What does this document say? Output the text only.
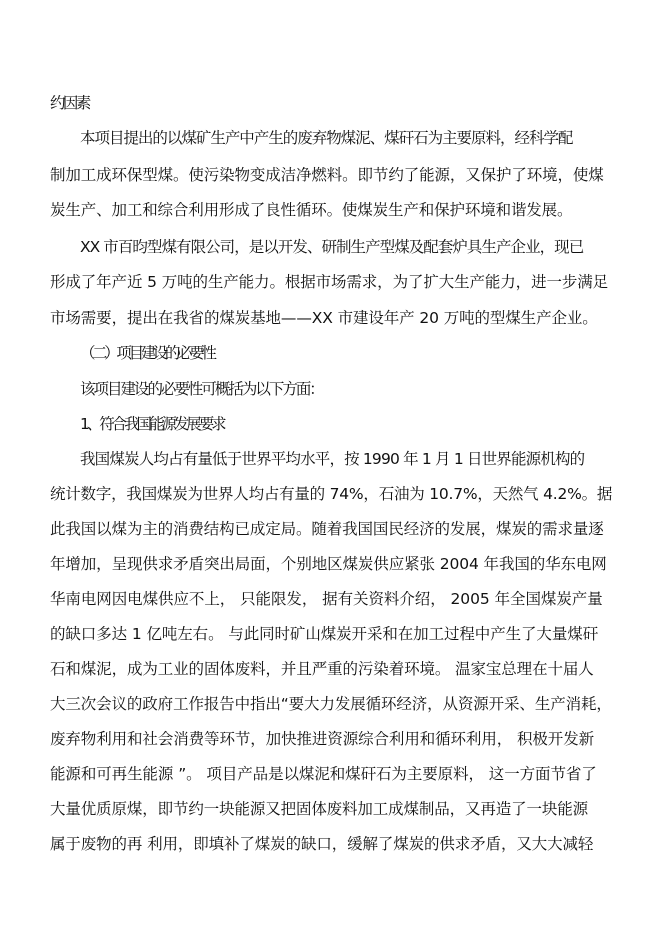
约因素
本项目提出的以煤矿生产中产生的废弃物煤泥、煤矸石为主要原料，经科学配
制加工成环保型煤。使污染物变成洁净燃料。即节约了能源，又保护了环境，使煤
炭生产、加工和综合利用形成了良性循环。使煤炭生产和保护环境和谐发展。
XX 市百昀型煤有限公司，是以开发、研制生产型煤及配套炉具生产企业，现已
形成了年产近 5 万吨的生产能力。根据市场需求，为了扩大生产能力，进一步满足
市场需要，提出在我省的煤炭基地——XX 市建设年产 20 万吨的型煤生产企业。
（二）项目建设的必要性
该项目建设的必要性可概括为以下方面：
1、符合我国能源发展要求
我国煤炭人均占有量低于世界平均水平，按 1990 年 1 月 1 日世界能源机构的
统计数字，我国煤炭为世界人均占有量的 74%，石油为 10.7%，天然气 4.2%。据
此我国以煤为主的消费结构已成定局。随着我国国民经济的发展，煤炭的需求量逐
年增加，呈现供求矛盾突出局面，个别地区煤炭供应紧张 2004 年我国的华东电网
华南电网因电煤供应不上， 只能限发， 据有关资料介绍， 2005 年全国煤炭产量
的缺口多达 1 亿吨左右。 与此同时矿山煤炭开采和在加工过程中产生了大量煤矸
石和煤泥，成为工业的固体废料，并且严重的污染着环境。 温家宝总理在十届人
大三次会议的政府工作报告中指出“要大力发展循环经济，从资源开采、生产消耗，
废弃物利用和社会消费等环节，加快推进资源综合利用和循环利用， 积极开发新
能源和可再生能源 ”。 项目产品是以煤泥和煤矸石为主要原料， 这一方面节省了
大量优质原煤，即节约一块能源又把固体废料加工成煤制品，又再造了一块能源
属于废物的再 利用，即填补了煤炭的缺口，缓解了煤炭的供求矛盾，又大大减轻
